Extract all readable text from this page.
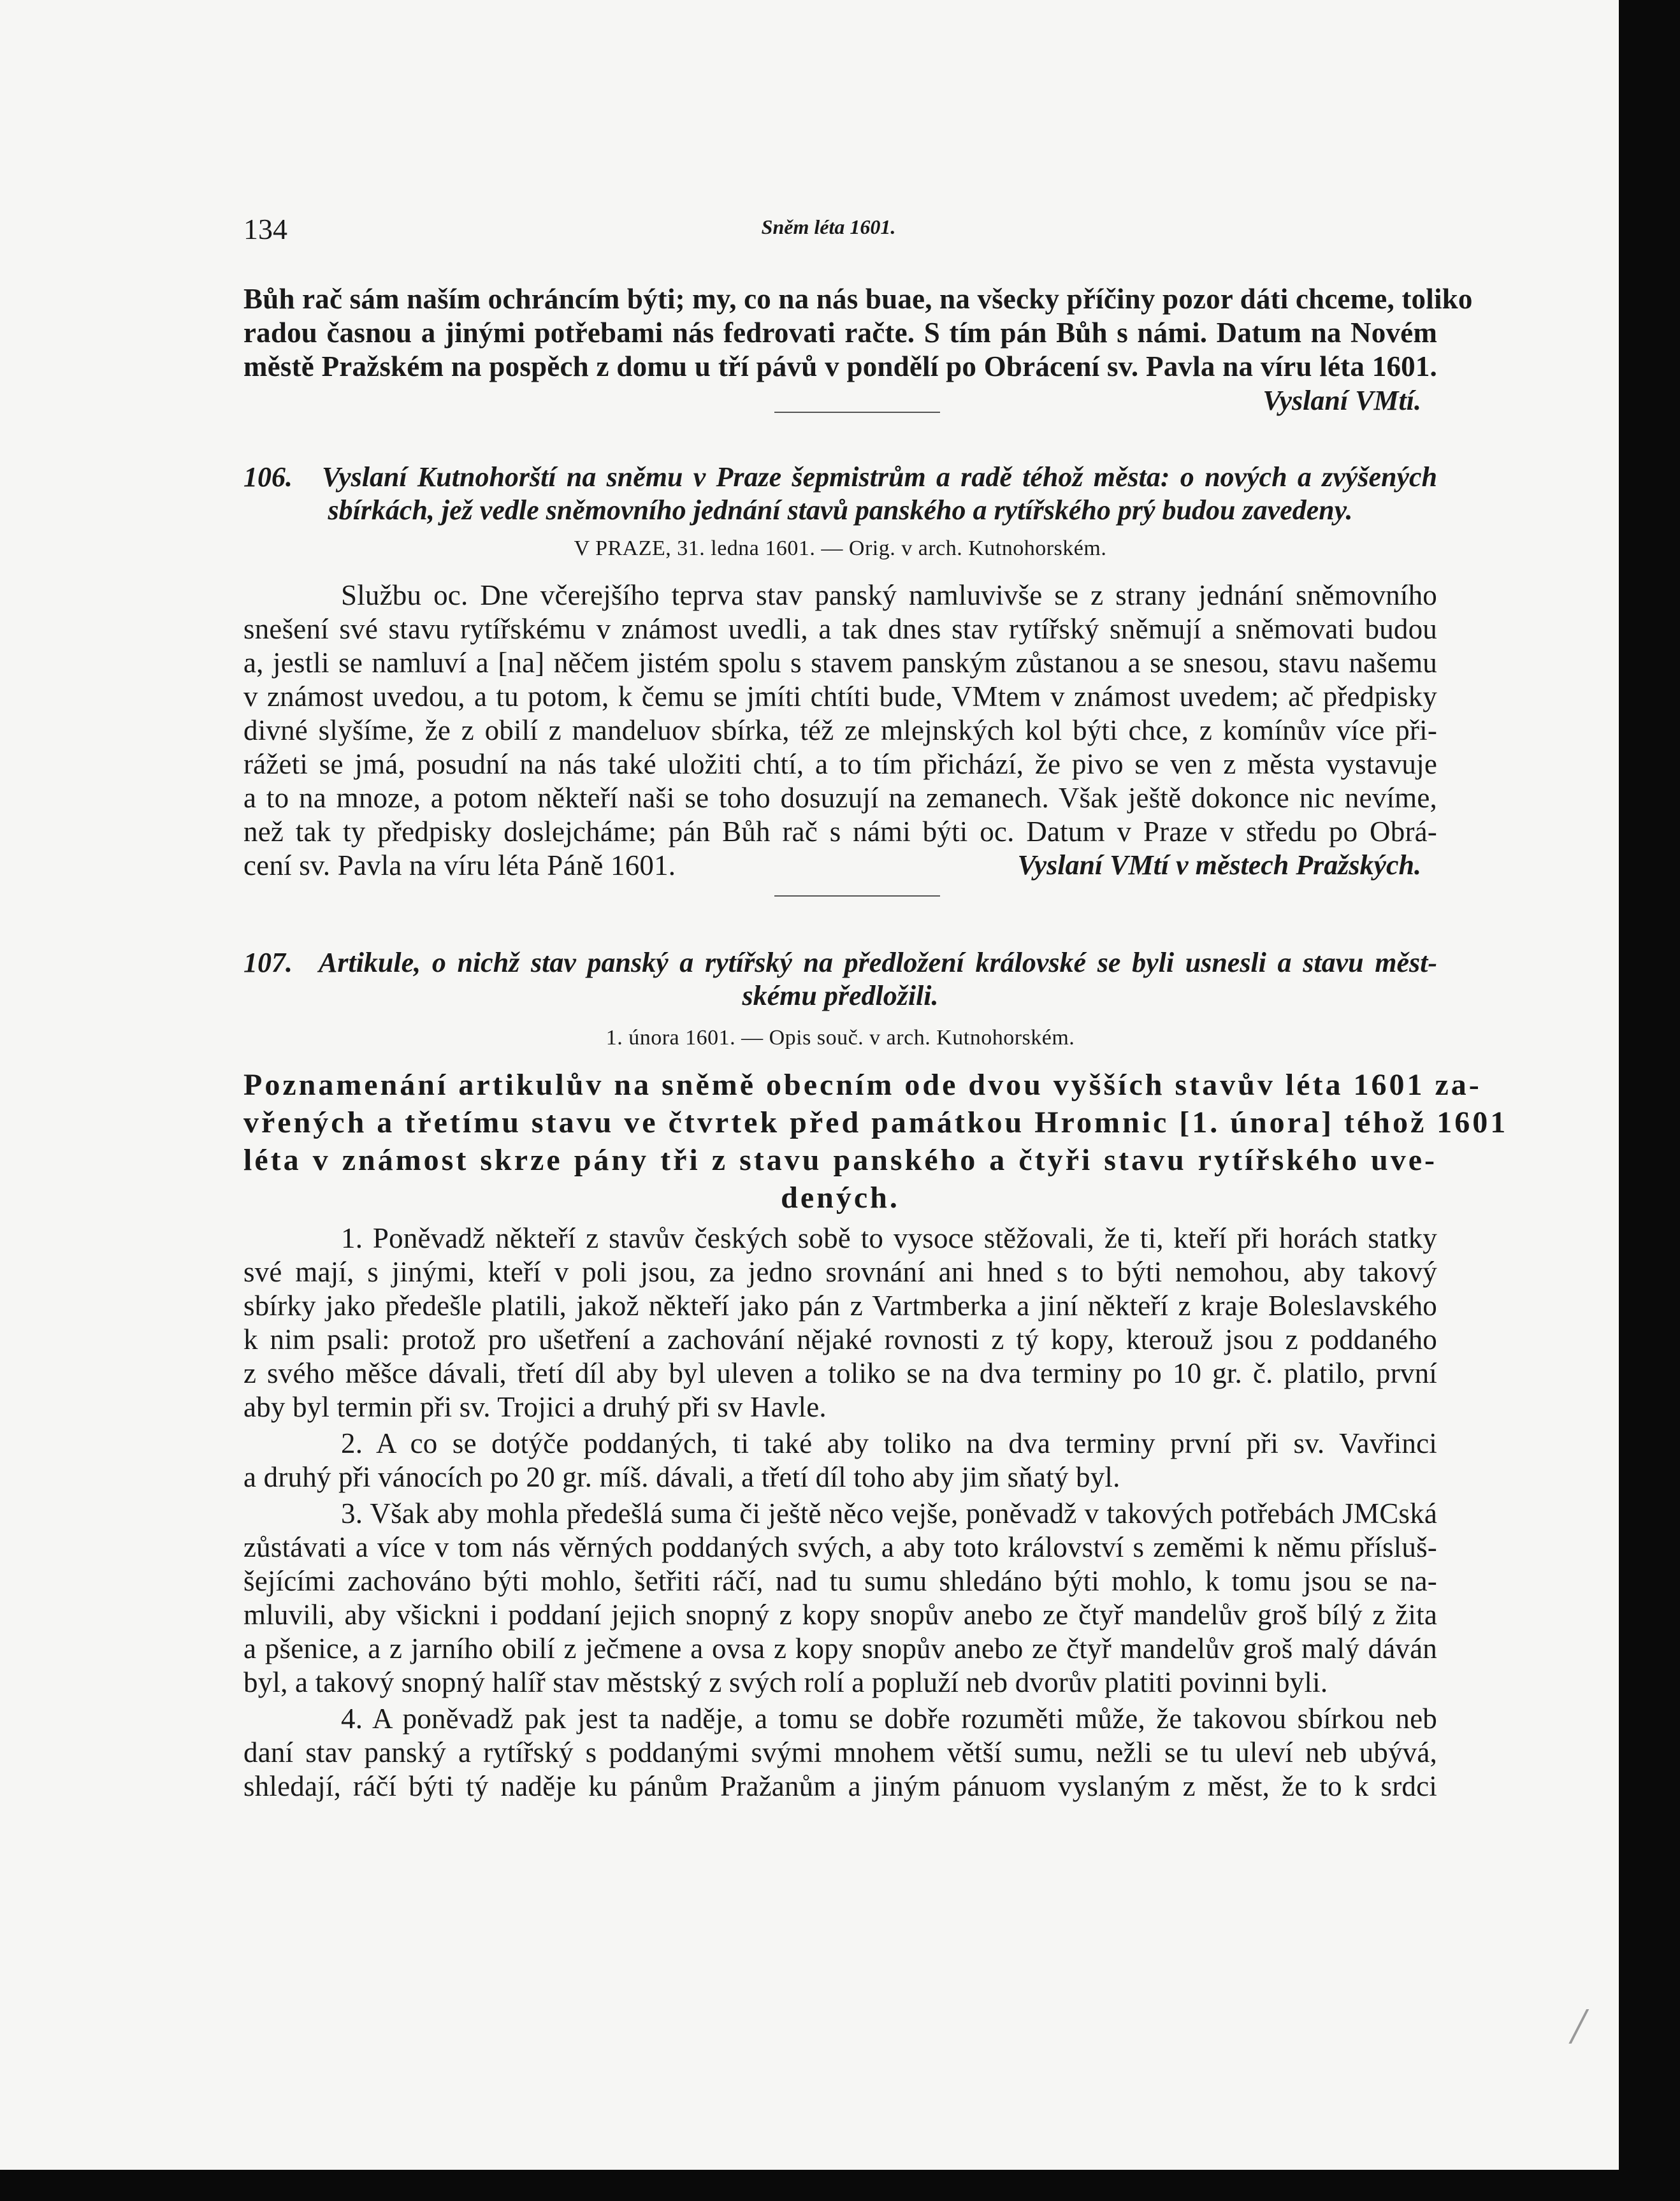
134	Sněm léta 1601.
Bůh rač sám naším ochráncím býti; my, co na nás buae, na všecky příčiny pozor dáti chceme, toliko
radou časnou a jinými potřebami nás fedrovati račte. S tím pán Bůh s námi. Datum na Novém
městě Pražském na pospěch z domu u tří pávů v pondělí po Obrácení sv. Pavla na víru léta 1601.
Vyslaní VMtí.
106. Vyslaní Kutnohorští na sněmu v Praze šepmistrům a radě téhož města: o nových a zvýšených
sbírkách, jež vedle sněmovního jednání stavů panského a rytířského prý budou zavedeny.
V PRAZE, 31. ledna 1601. — Orig. v arch. Kutnohorském.
Službu oc. Dne včerejšího teprva stav panský namluvivše se z strany jednání sněmovního
snešení své stavu rytířskému v známost uvedli, a tak dnes stav rytířský sněmují a sněmovati budou
a, jestli se namluví a [na] něčem jistém spolu s stavem panským zůstanou a se snesou, stavu našemu
v známost uvedou, a tu potom, k čemu se jmíti chtíti bude, VMtem v známost uvedem; ač předpisky
divné slyšíme, že z obilí z mandeluov sbírka, též ze mlejnských kol býti chce, z komínův více při-
rážeti se jmá, posudní na nás také uložiti chtí, a to tím přichází, že pivo se ven z města vystavuje
a to na mnoze, a potom někteří naši se toho dosuzují na zemanech. Však ještě dokonce nic nevíme,
než tak ty předpisky doslejcháme; pán Bůh rač s námi býti oc. Datum v Praze v středu po Obrá-
cení sv. Pavla na víru léta Páně 1601.	Vyslaní VMtí v městech Pražských.
107. Artikule, o nichž stav panský a rytířský na předložení královské se byli usnesli a stavu měst-
skému předložili.
1. února 1601. — Opis souč. v arch. Kutnohorském.
Poznamenání artikulův na sněmě obecním ode dvou vyšších stavův léta 1601 za-
vřených a třetímu stavu ve čtvrtek před památkou Hromnic [1. února] téhož 1601
léta v známost skrze pány tři z stavu panského a čtyři stavu rytířského uve-
dených.
1. Poněvadž někteří z stavův českých sobě to vysoce stěžovali, že ti, kteří při horách statky
své mají, s jinými, kteří v poli jsou, za jedno srovnání ani hned s to býti nemohou, aby takový
sbírky jako předešle platili, jakož někteří jako pán z Vartmberka a jiní někteří z kraje Boleslavského
k nim psali: protož pro ušetření a zachování nějaké rovnosti z tý kopy, kterouž jsou z poddaného
z svého měšce dávali, třetí díl aby byl uleven a toliko se na dva terminy po 10 gr. č. platilo, první
aby byl termin při sv. Trojici a druhý při sv Havle.
2. A co se dotýče poddaných, ti také aby toliko na dva terminy první při sv. Vavřinci
a druhý při vánocích po 20 gr. míš. dávali, a třetí díl toho aby jim sňatý byl.
3. Však aby mohla předešlá suma či ještě něco vejše, poněvadž v takových potřebách JMCská
zůstávati a více v tom nás věrných poddaných svých, a aby toto království s zeměmi k němu přísluš-
šejícími zachováno býti mohlo, šetřiti ráčí, nad tu sumu shledáno býti mohlo, k tomu jsou se na-
mluvili, aby všickni i poddaní jejich snopný z kopy snopův anebo ze čtyř mandelův groš bílý z žita
a pšenice, a z jarního obilí z ječmene a ovsa z kopy snopův anebo ze čtyř mandelův groš malý dáván
byl, a takový snopný halíř stav městský z svých rolí a popluží neb dvorův platiti povinni byli.
4. A poněvadž pak jest ta naděje, a tomu se dobře rozuměti může, že takovou sbírkou neb
daní stav panský a rytířský s poddanými svými mnohem větší sumu, nežli se tu uleví neb ubývá,
shledají, ráčí býti tý naděje ku pánům Pražanům a jiným pánuom vyslaným z měst, že to k srdci
/
